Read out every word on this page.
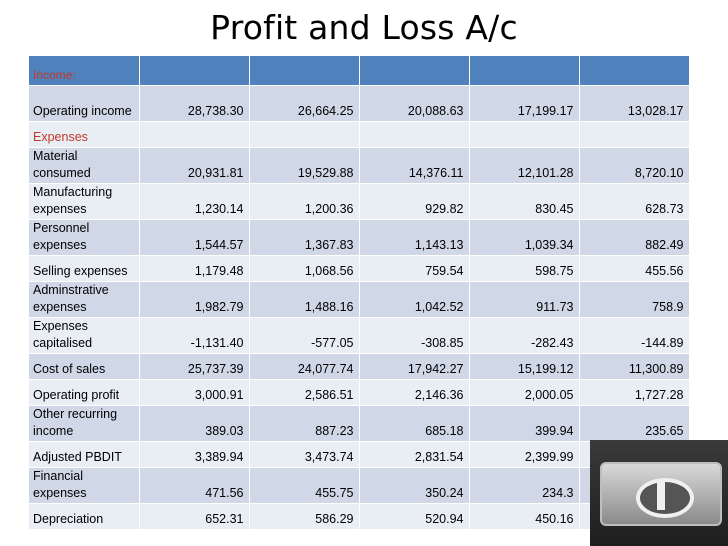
Profit and Loss A/c
Income:					
Operating income	28,738.30	26,664.25	20,088.63	17,199.17	13,028.17
Expenses					
Material consumed	20,931.81	19,529.88	14,376.11	12,101.28	8,720.10
Manufacturing expenses	1,230.14	1,200.36	929.82	830.45	628.73
Personnel expenses	1,544.57	1,367.83	1,143.13	1,039.34	882.49
Selling expenses	1,179.48	1,068.56	759.54	598.75	455.56
Adminstrative expenses	1,982.79	1,488.16	1,042.52	911.73	758.9
Expenses capitalised	-1,131.40	-577.05	-308.85	-282.43	-144.89
Cost of sales	25,737.39	24,077.74	17,942.27	15,199.12	11,300.89
Operating profit	3,000.91	2,586.51	2,146.36	2,000.05	1,727.28
Other recurring income	389.03	887.23	685.18	399.94	235.65
Adjusted PBDIT	3,389.94	3,473.74	2,831.54	2,399.99	
Financial expenses	471.56	455.75	350.24	234.3	
Depreciation	652.31	586.29	520.94	450.16	
